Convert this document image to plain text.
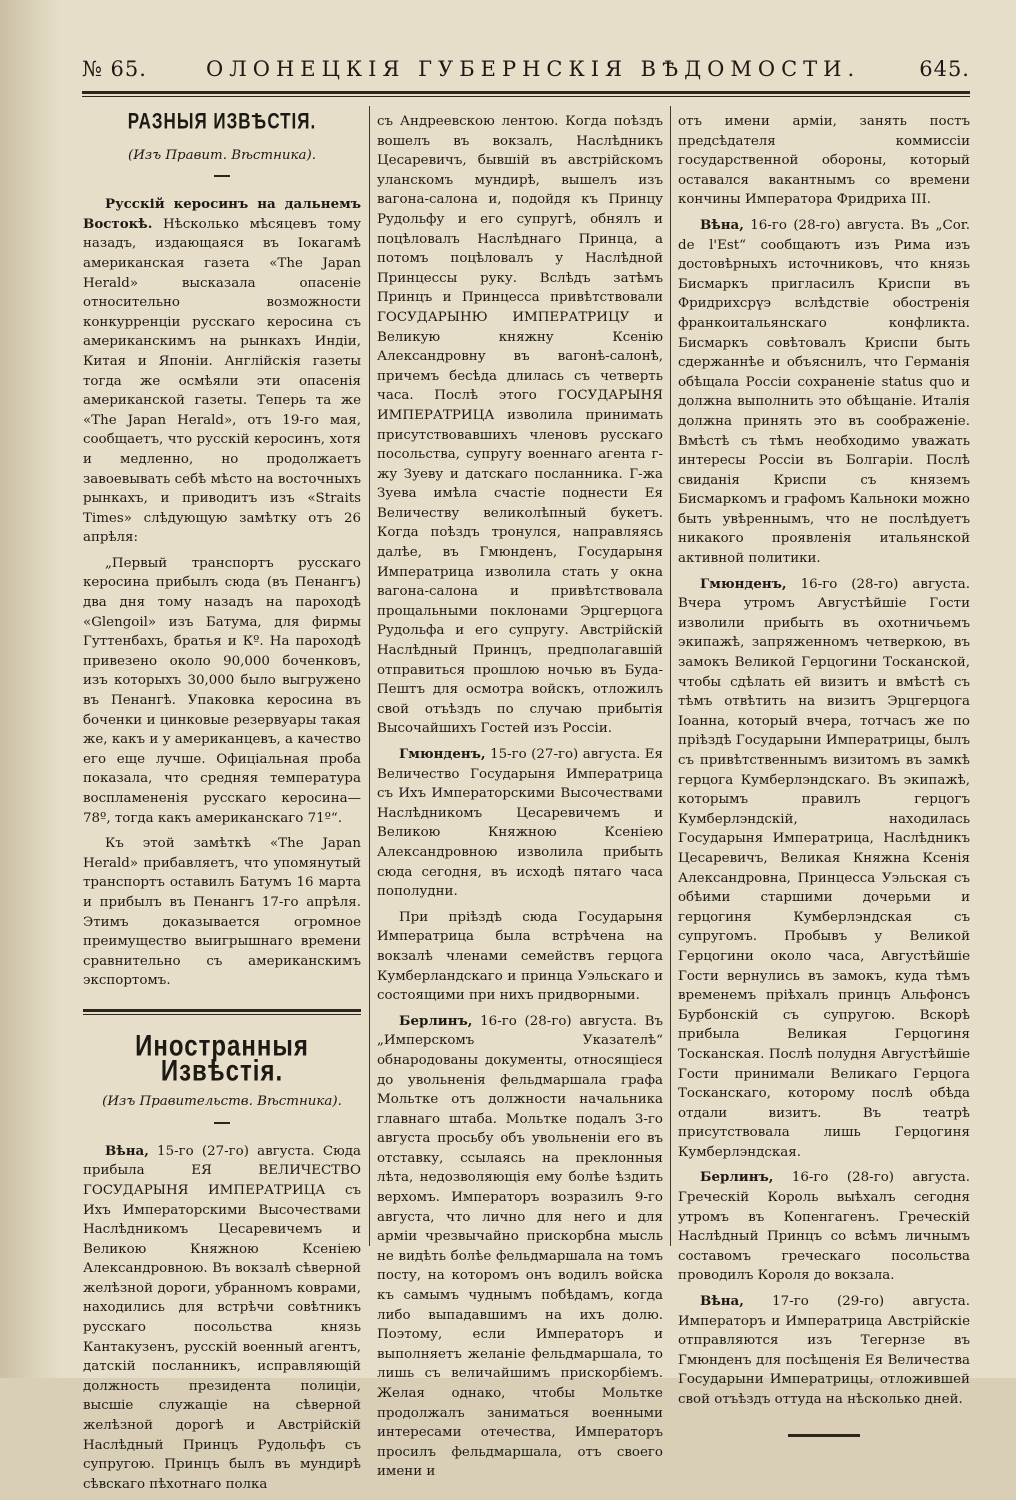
№ 65.	ОЛОНЕЦКІЯ ГУБЕРНСКІЯ ВѢДОМОСТИ.	645.
РАЗНЫЯ ИЗВѢСТІЯ.
(Изъ Правит. Вѣстника).

Русскій керосинъ на дальнемъ Востокѣ. Нѣсколько мѣсяцевъ тому назадъ, издающаяся въ Іокагамѣ американская газета «The Japan Herald» высказала опасеніе относительно возможности конкурренціи русскаго керосина съ американскимъ на рынкахъ Индіи, Китая и Японіи. Англійскія газеты тогда же осмѣяли эти опасенія американской газеты. Теперь та же «The Japan Herald», отъ 19-го мая, сообщаетъ, что русскій керосинъ, хотя и медленно, но продолжаетъ завоевывать себѣ мѣсто на восточныхъ рынкахъ, и приводитъ изъ «Straits Times» слѣдующую замѣтку отъ 26 апрѣля:

„Первый транспортъ русскаго керосина прибылъ сюда (въ Пенангъ) два дня тому назадъ на пароходѣ «Glengoil» изъ Батума, для фирмы Гуттенбахъ, братья и Кº. На пароходѣ привезено около 90,000 боченковъ, изъ которыхъ 30,000 было выгружено въ Пенангѣ. Упаковка керосина въ боченки и цинковые резервуары такая же, какъ и у американцевъ, а качество его еще лучше. Офиціальная проба показала, что средняя температура воспламененія русскаго керосина—78º, тогда какъ американскаго 71º“.

Къ этой замѣткѣ «The Japan Herald» прибавляетъ, что упомянутый транспортъ оставилъ Батумъ 16 марта и прибылъ въ Пенангъ 17-го апрѣля. Этимъ доказывается огромное преимущество выигрышнаго времени сравнительно съ американскимъ экспортомъ.

Иностранныя Извѣстія.
(Изъ Правительств. Вѣстника).

Вѣна, 15-го (27-го) августа. Сюда прибыла ЕЯ ВЕЛИЧЕСТВО ГОСУДАРЫНЯ ИМПЕРАТРИЦА съ Ихъ Императорскими Высочествами Наслѣдникомъ Цесаревичемъ и Великою Княжною Ксеніею Александровною. Въ вокзалѣ сѣверной желѣзной дороги, убранномъ коврами, находились для встрѣчи совѣтникъ русскаго посольства князь Кантакузенъ, русскій военный агентъ, датскій посланникъ, исправляющій должность президента полиціи, высшіе служащіе на сѣверной желѣзной дорогѣ и Австрійскій Наслѣдный Принцъ Рудольфъ съ супругою. Принцъ былъ въ мундирѣ сѣвскаго пѣхотнаго полка

съ Андреевскою лентою. Когда поѣздъ вошелъ въ вокзалъ, Наслѣдникъ Цесаревичъ, бывшій въ австрійскомъ уланскомъ мундирѣ, вышелъ изъ вагона-салона и, подойдя къ Принцу Рудольфу и его супругѣ, обнялъ и поцѣловалъ Наслѣднаго Принца, а потомъ поцѣловалъ у Наслѣдной Принцессы руку. Вслѣдъ затѣмъ Принцъ и Принцесса привѣтствовали ГОСУДАРЫНЮ ИМПЕРАТРИЦУ и Великую княжну Ксенію Александровну въ вагонѣ-салонѣ, причемъ бесѣда длилась съ четверть часа. Послѣ этого ГОСУДАРЫНЯ ИМПЕРАТРИЦА изволила принимать присутствовавшихъ членовъ русскаго посольства, супругу военнаго агента г-жу Зуеву и датскаго посланника. Г-жа Зуева имѣла счастіе поднести Ея Величеству великолѣпный букетъ. Когда поѣздъ тронулся, направляясь далѣе, въ Гмюнденъ, Государыня Императрица изволила стать у окна вагона-салона и привѣтствовала прощальными поклонами Эрцгерцога Рудольфа и его супругу. Австрійскій Наслѣдный Принцъ, предполагавшій отправиться прошлою ночью въ Буда-Пештъ для осмотра войскъ, отложилъ свой отъѣздъ по случаю прибытія Высочайшихъ Гостей изъ Россіи.

Гмюнденъ, 15-го (27-го) августа. Ея Величество Государыня Императрица съ Ихъ Императорскими Высочествами Наслѣдникомъ Цесаревичемъ и Великою Княжною Ксеніею Александровною изволила прибыть сюда сегодня, въ исходѣ пятаго часа пополудни.

При пріѣздѣ сюда Государыня Императрица была встрѣчена на вокзалѣ членами семействъ герцога Кумберландскаго и принца Уэльскаго и состоящими при нихъ придворными.

Берлинъ, 16-го (28-го) августа. Въ „Имперскомъ Указателѣ“ обнародованы документы, относящіеся до увольненія фельдмаршала графа Мольтке отъ должности начальника главнаго штаба. Мольтке подалъ 3-го августа просьбу объ увольненіи его въ отставку, ссылаясь на преклонныя лѣта, недозволяющія ему болѣе ѣздить верхомъ. Императоръ возразилъ 9-го августа, что лично для него и для арміи чрезвычайно прискорбна мысль не видѣть болѣе фельдмаршала на томъ посту, на которомъ онъ водилъ войска къ самымъ чуднымъ побѣдамъ, когда либо выпадавшимъ на ихъ долю. Поэтому, если Императоръ и выполняетъ желаніе фельдмаршала, то лишь съ величайшимъ прискорбіемъ. Желая однако, чтобы Мольтке продолжалъ заниматься военными интересами отечества, Императоръ просилъ фельдмаршала, отъ своего имени и

отъ имени арміи, занять постъ предсѣдателя коммиссіи государственной обороны, который оставался вакантнымъ со времени кончины Императора Фридриха III.

Вѣна, 16-го (28-го) августа. Въ „Cor. de l'Est“ сообщаютъ изъ Рима изъ достовѣрныхъ источниковъ, что князь Бисмаркъ пригласилъ Криспи въ Фридрихсрүэ вслѣдствіе обостренія франкоитальянскаго конфликта. Бисмаркъ совѣтовалъ Криспи быть сдержаннѣе и объяснилъ, что Германія обѣщала Россіи сохраненіе status quo и должна выполнить это обѣщаніе. Италія должна принять это въ соображеніе. Вмѣстѣ съ тѣмъ необходимо уважать интересы Россіи въ Болгаріи. Послѣ свиданія Криспи съ княземъ Бисмаркомъ и графомъ Кальноки можно быть увѣреннымъ, что не послѣдуетъ никакого проявленія итальянской активной политики.

Гмюнденъ, 16-го (28-го) августа. Вчера утромъ Августѣйшіе Гости изволили прибыть въ охотничьемъ экипажѣ, запряженномъ четверкою, въ замокъ Великой Герцогини Тосканской, чтобы сдѣлать ей визитъ и вмѣстѣ съ тѣмъ отвѣтить на визитъ Эрцгерцога Іоанна, который вчера, тотчасъ же по пріѣздѣ Государыни Императрицы, былъ съ привѣтственнымъ визитомъ въ замкѣ герцога Кумберлэндскаго. Въ экипажѣ, которымъ правилъ герцогъ Кумберлэндскій, находилась Государыня Императрица, Наслѣдникъ Цесаревичъ, Великая Княжна Ксенія Александровна, Принцесса Уэльская съ обѣими старшими дочерьми и герцогиня Кумберлэндская съ супругомъ. Пробывъ у Великой Герцогини около часа, Августѣйшіе Гости вернулись въ замокъ, куда тѣмъ временемъ пріѣхалъ принцъ Альфонсъ Бурбонскій съ супругою. Вскорѣ прибыла Великая Герцогиня Тосканская. Послѣ полудня Августѣйшіе Гости принимали Великаго Герцога Тосканскаго, которому послѣ обѣда отдали визитъ. Въ театрѣ присутствовала лишь Герцогиня Кумберлэндская.

Берлинъ, 16-го (28-го) августа. Греческій Король выѣхалъ сегодня утромъ въ Копенгагенъ. Греческій Наслѣдный Принцъ со всѣмъ личнымъ составомъ греческаго посольства проводилъ Короля до вокзала.

Вѣна, 17-го (29-го) августа. Императоръ и Императрица Австрійскіе отправляются изъ Тегернзе въ Гмюнденъ для посѣщенія Ея Величества Государыни Императрицы, отложившей свой отъѣздъ оттуда на нѣсколько дней.
